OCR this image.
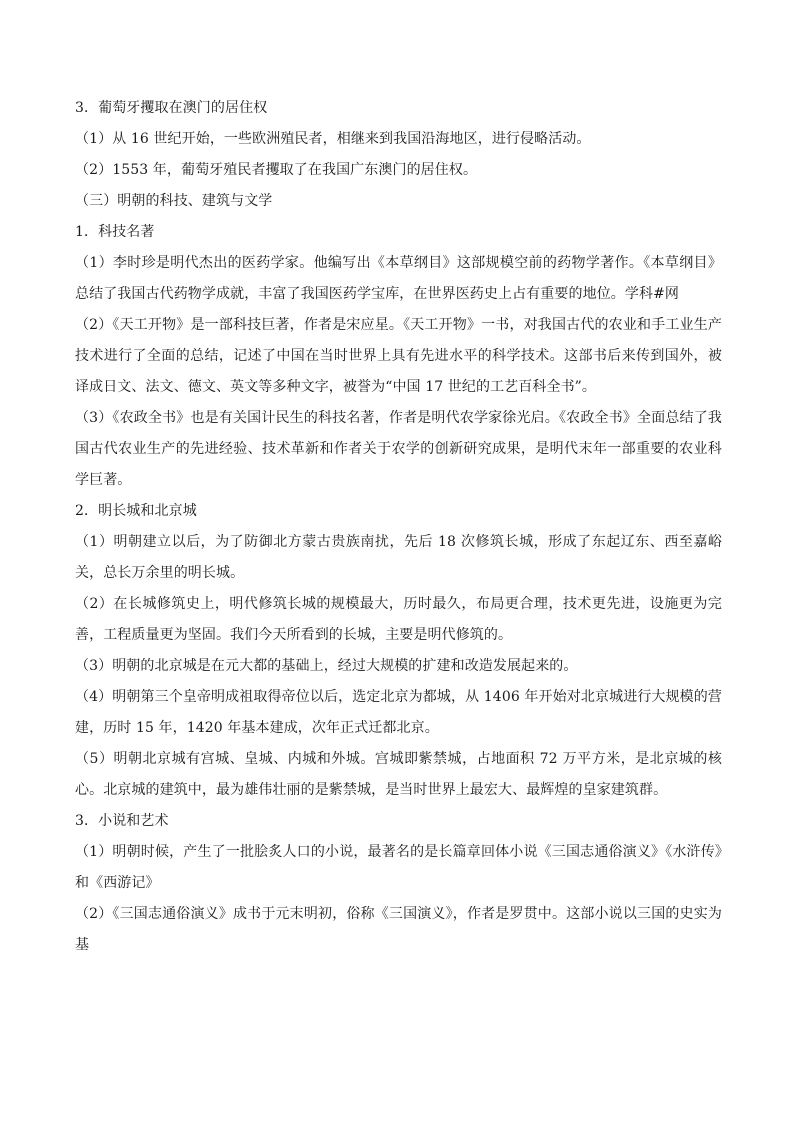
3．葡萄牙攫取在澳门的居住权
（1）从 16 世纪开始，一些欧洲殖民者，相继来到我国沿海地区，进行侵略活动。
（2）1553 年，葡萄牙殖民者攫取了在我国广东澳门的居住权。
（三）明朝的科技、建筑与文学
1．科技名著
（1）李时珍是明代杰出的医药学家。他编写出《本草纲目》这部规模空前的药物学著作。《本草纲目》总结了我国古代药物学成就，丰富了我国医药学宝库，在世界医药史上占有重要的地位。学科#网
（2）《天工开物》是一部科技巨著，作者是宋应星。《天工开物》一书，对我国古代的农业和手工业生产技术进行了全面的总结，记述了中国在当时世界上具有先进水平的科学技术。这部书后来传到国外，被译成日文、法文、德文、英文等多种文字，被誉为“中国 17 世纪的工艺百科全书”。
（3）《农政全书》也是有关国计民生的科技名著，作者是明代农学家徐光启。《农政全书》全面总结了我国古代农业生产的先进经验、技术革新和作者关于农学的创新研究成果，是明代末年一部重要的农业科学巨著。
2．明长城和北京城
（1）明朝建立以后，为了防御北方蒙古贵族南扰，先后 18 次修筑长城，形成了东起辽东、西至嘉峪关，总长万余里的明长城。
（2）在长城修筑史上，明代修筑长城的规模最大，历时最久，布局更合理，技术更先进，设施更为完善，工程质量更为坚固。我们今天所看到的长城，主要是明代修筑的。
（3）明朝的北京城是在元大都的基础上，经过大规模的扩建和改造发展起来的。
（4）明朝第三个皇帝明成祖取得帝位以后，选定北京为都城，从 1406 年开始对北京城进行大规模的营建，历时 15 年，1420 年基本建成，次年正式迁都北京。
（5）明朝北京城有宫城、皇城、内城和外城。宫城即紫禁城，占地面积 72 万平方米，是北京城的核心。北京城的建筑中，最为雄伟壮丽的是紫禁城，是当时世界上最宏大、最辉煌的皇家建筑群。
3．小说和艺术
（1）明朝时候，产生了一批脍炙人口的小说，最著名的是长篇章回体小说《三国志通俗演义》《水浒传》和《西游记》
（2）《三国志通俗演义》成书于元末明初，俗称《三国演义》，作者是罗贯中。这部小说以三国的史实为基
